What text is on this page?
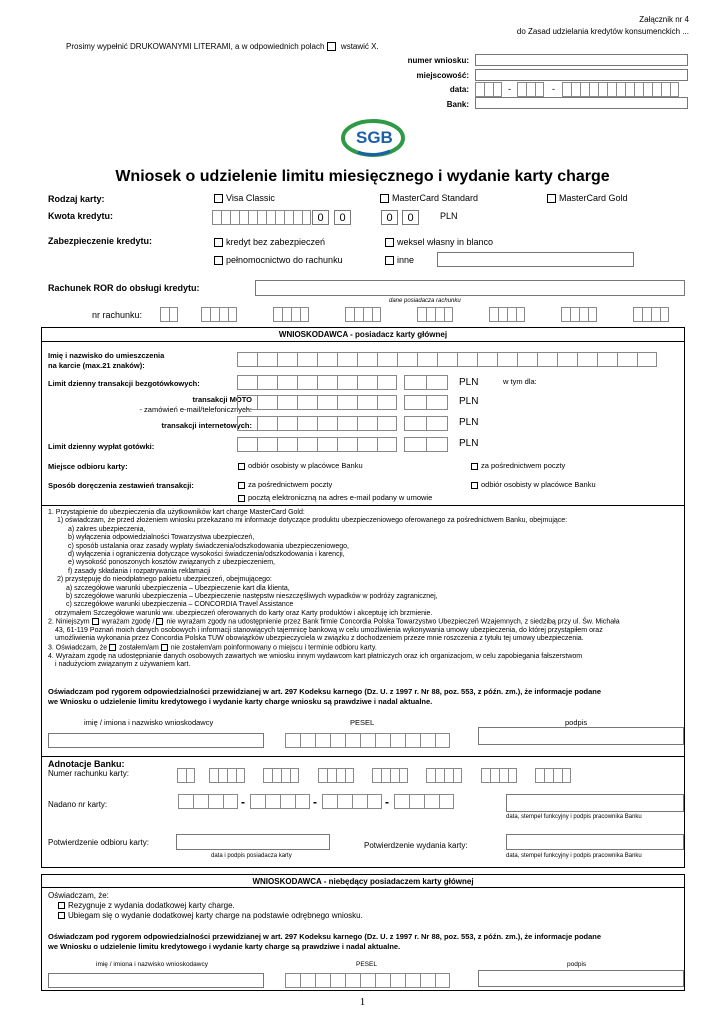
Załącznik nr 4
do Zasad udzielania kredytów konsumenckich ...
Prosimy wypełnić DRUKOWANYMI LITERAMI, a w odpowiednich polach wstawić X.
numer wniosku:
miejscowość:
data:	-	-
Bank:
SGB
Wniosek o udzielenie limitu miesięcznego i wydanie karty charge
Rodzaj karty:	Visa Classic	MasterCard Standard	MasterCard Gold
Kwota kredytu:	0	0	0	0	PLN
Zabezpieczenie kredytu:	kredyt bez zabezpieczeń	weksel własny in blanco
pełnomocnictwo do rachunku	inne
Rachunek ROR do obsługi kredytu:
dane posiadacza rachunku
nr rachunku:
WNIOSKODAWCA - posiadacz karty głównej
Imię i nazwisko do umieszczenia
na karcie (max.21 znaków):
Limit dzienny transakcji bezgotówkowych:	PLN	w tym dla:
transakcji MOTO
- zamówień e-mail/telefonicznych:
PLN
transakcji internetowych:	PLN
Limit dzienny wypłat gotówki:	PLN
Miejsce odbioru karty:	odbiór osobisty w placówce Banku	za pośrednictwem poczty
Sposób doręczenia zestawień transakcji:	za pośrednictwem poczty	odbiór osobisty w placówce Banku
pocztą elektroniczną na adres e-mail podany w umowie
1. Przystąpienie do ubezpieczenia dla użytkowników kart charge MasterCard Gold:
1) oświadczam, że przed złożeniem wniosku przekazano mi informacje dotyczące produktu ubezpieczeniowego oferowanego za pośrednictwem Banku, obejmujące:
a) zakres ubezpieczenia,
b) wyłączenia odpowiedzialności Towarzystwa ubezpieczeń,
c) sposób ustalania oraz zasady wypłaty świadczenia/odszkodowania ubezpieczeniowego,
d) wyłączenia i ograniczenia dotyczące wysokości świadczenia/odszkodowania i karencji,
e) wysokość ponoszonych kosztów związanych z ubezpieczeniem,
f) zasady składania i rozpatrywania reklamacji
2) przystępuję do nieodpłatnego pakietu ubezpieczeń, obejmującego:
a) szczegółowe warunki ubezpieczenia – Ubezpieczenie kart dla klienta,
b) szczegółowe warunki ubezpieczenia – Ubezpieczenie następstw nieszczęśliwych wypadków w podróży zagranicznej,
c) szczegółowe warunki ubezpieczenia – CONCORDIA Travel Assistance
otrzymałem Szczegółowe warunki ww. ubezpieczeń oferowanych do karty oraz Karty produktów i akceptuję ich brzmienie.
2. Niniejszym wyrażam zgodę / nie wyrażam zgody na udostępnienie przez Bank firmie Concordia Polska Towarzystwo Ubezpieczeń Wzajemnych, z siedzibą przy ul. Św. Michała
43, 61-119 Poznań moich danych osobowych i informacji stanowiących tajemnicę bankową w celu umożliwienia wykonywania umowy ubezpieczenia, do której przystąpiłem oraz
umożliwienia wykonania przez Concordia Polska TUW obowiązków ubezpieczyciela w związku z dochodzeniem przeze mnie roszczenia z tytułu tej umowy ubezpieczenia.
3. Oświadczam, że zostałem/am nie zostałem/am poinformowany o miejscu i terminie odbioru karty.
4. Wyrażam zgodę na udostępnianie danych osobowych zawartych we wniosku innym wydawcom kart płatniczych oraz ich organizacjom, w celu zapobiegania fałszerstwom
i nadużyciom związanym z używaniem kart.
Oświadczam pod rygorem odpowiedzialności przewidzianej w art. 297 Kodeksu karnego (Dz. U. z 1997 r. Nr 88, poz. 553, z późn. zm.), że informacje podane
we Wniosku o udzielenie limitu kredytowego i wydanie karty charge wniosku są prawdziwe i nadal aktualne.
imię / imiona i nazwisko wnioskodawcy	PESEL	podpis
Adnotacje Banku:
Numer rachunku karty:
Nadano nr karty:	-	-	-
data, stempel funkcyjny i podpis pracownika Banku
Potwierdzenie odbioru karty:
data i podpis posiadacza karty
Potwierdzenie wydania karty:
data, stempel funkcyjny i podpis pracownika Banku
WNIOSKODAWCA - niebędący posiadaczem karty głównej
Oświadczam, że:
Rezygnuje z wydania dodatkowej karty charge.
Ubiegam się o wydanie dodatkowej karty charge na podstawie odrębnego wniosku.
Oświadczam pod rygorem odpowiedzialności przewidzianej w art. 297 Kodeksu karnego (Dz. U. z 1997 r. Nr 88, poz. 553, z późn. zm.), że informacje podane
we Wniosku o udzielenie limitu kredytowego i wydanie karty charge są prawdziwe i nadal aktualne.
imię / imiona i nazwisko wnioskodawcy	PESEL	podpis
1
